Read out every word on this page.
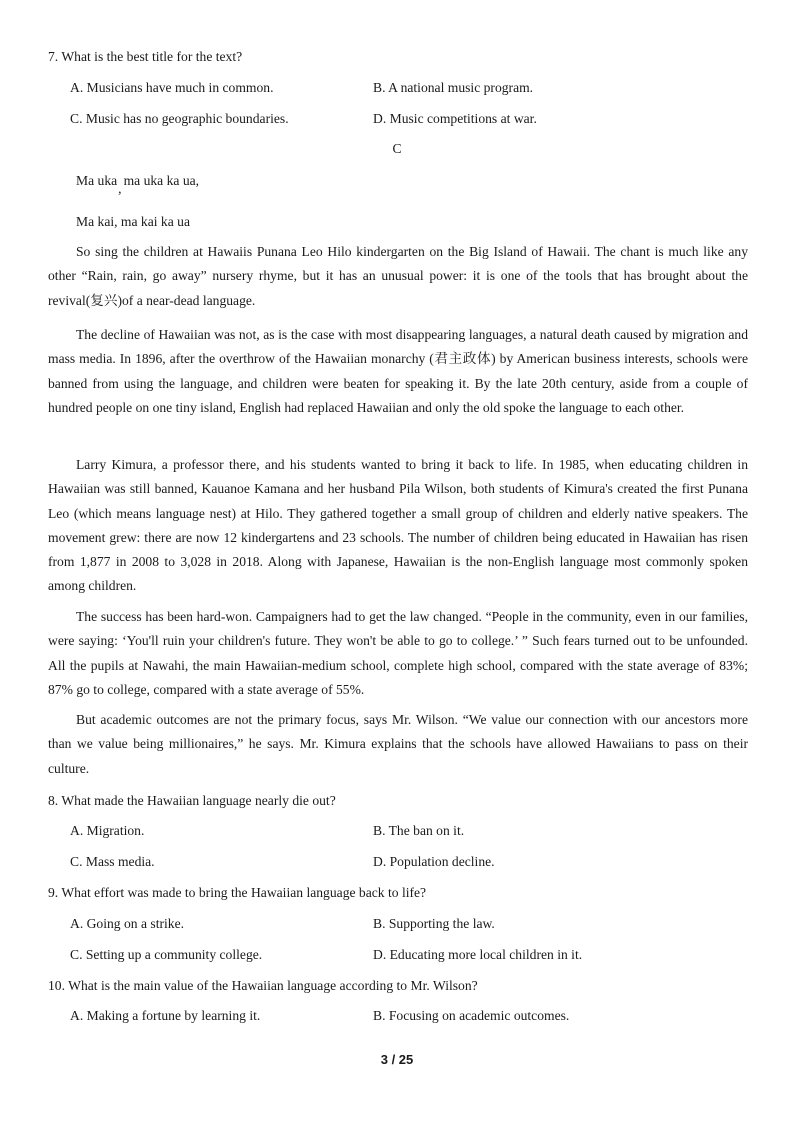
7. What is the best title for the text?
A. Musicians have much in common.	B. A national music program.
C. Music has no geographic boundaries.	D. Music competitions at war.
C
Ma uka,ma uka ka ua,
Ma kai, ma kai ka ua

So sing the children at Hawaiis Punana Leo Hilo kindergarten on the Big Island of Hawaii. The chant is much like any other “Rain, rain, go away” nursery rhyme, but it has an unusual power: it is one of the tools that has brought about the revival(复兴)of a near-dead language.

The decline of Hawaiian was not, as is the case with most disappearing languages, a natural death caused by migration and mass media. In 1896, after the overthrow of the Hawaiian monarchy (君主政体) by American business interests, schools were banned from using the language, and children were beaten for speaking it. By the late 20th century, aside from a couple of hundred people on one tiny island, English had replaced Hawaiian and only the old spoke the language to each other.

Larry Kimura, a professor there, and his students wanted to bring it back to life. In 1985, when educating children in Hawaiian was still banned, Kauanoe Kamana and her husband Pila Wilson, both students of Kimura's created the first Punana Leo (which means language nest) at Hilo. They gathered together a small group of children and elderly native speakers. The movement grew: there are now 12 kindergartens and 23 schools. The number of children being educated in Hawaiian has risen from 1,877 in 2008 to 3,028 in 2018. Along with Japanese, Hawaiian is the non-English language most commonly spoken among children.

The success has been hard-won. Campaigners had to get the law changed. “People in the community, even in our families, were saying: ‘You'll ruin your children's future. They won't be able to go to college.’ ” Such fears turned out to be unfounded. All the pupils at Nawahi, the main Hawaiian-medium school, complete high school, compared with the state average of 83%; 87% go to college, compared with a state average of 55%.

But academic outcomes are not the primary focus, says Mr. Wilson. “We value our connection with our ancestors more than we value being millionaires,” he says. Mr. Kimura explains that the schools have allowed Hawaiians to pass on their culture.

8. What made the Hawaiian language nearly die out?
A. Migration.	B. The ban on it.
C. Mass media.	D. Population decline.
9. What effort was made to bring the Hawaiian language back to life?
A. Going on a strike.	B. Supporting the law.
C. Setting up a community college.	D. Educating more local children in it.
10. What is the main value of the Hawaiian language according to Mr. Wilson?
A. Making a fortune by learning it.	B. Focusing on academic outcomes.
3 / 25
